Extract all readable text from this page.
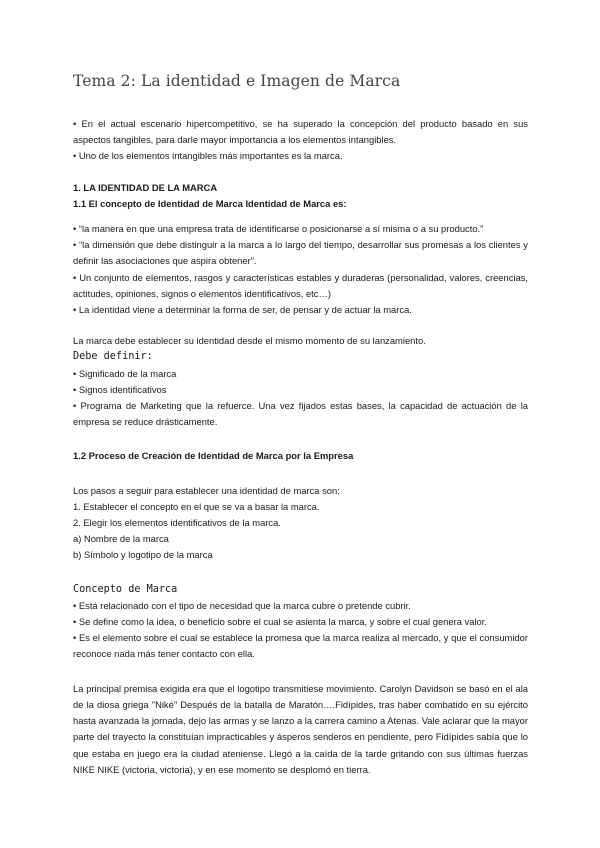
Tema 2: La identidad e Imagen de Marca

• En el actual escenario hipercompetitivo, se ha superado la concepción del producto basado en sus aspectos tangibles, para darle mayor importancia a los elementos intangibles.

• Uno de los elementos intangibles más importantes es la marca.

1. LA IDENTIDAD DE LA MARCA

1.1 El concepto de Identidad de Marca Identidad de Marca es:

• “la manera en que una empresa trata de identificarse o posicionarse a sí misma o a su producto.”

• “la dimensión que debe distinguir a la marca a lo largo del tiempo, desarrollar sus promesas a los clientes y definir las asociaciones que aspira obtener”.

• Un conjunto de elementos, rasgos y características estables y duraderas (personalidad, valores, creencias, actitudes, opiniones, signos o elementos identificativos, etc…)

• La identidad viene a determinar la forma de ser, de pensar y de actuar la marca.

La marca debe establecer su identidad desde el mismo momento de su lanzamiento.

Debe definir:

• Significado de la marca

• Signos identificativos

• Programa de Marketing que la refuerce. Una vez fijados estas bases, la capacidad de actuación de la empresa se reduce drásticamente.

1.2 Proceso de Creación de Identidad de Marca por la Empresa

Los pasos a seguir para establecer una identidad de marca son:

1. Establecer el concepto en el que se va a basar la marca.

2. Elegir los elementos identificativos de la marca.

a) Nombre de la marca

b) Símbolo y logotipo de la marca

Concepto de Marca

• Está relacionado con el tipo de necesidad que la marca cubre o pretende cubrir.

• Se define como la idea, o beneficio sobre el cual se asienta la marca, y sobre el cual genera valor.

• Es el elemento sobre el cual se establece la promesa que la marca realiza al mercado, y que el consumidor reconoce nada más tener contacto con ella.

La principal premisa exigida era que el logotipo transmitiese movimiento. Carolyn Davidson se basó en el ala de la diosa griega "Niké" Después de la batalla de Maratón….Fidípides, tras haber combatido en su ejército hasta avanzada la jornada, dejo las armas y se lanzo a la carrera camino a Atenas. Vale aclarar que la mayor parte del trayecto la constituían impracticables y ásperos senderos en pendiente, pero Fidípides sabía que lo que estaba en juego era la ciudad ateniense. Llegó a la caída de la tarde gritando con sus últimas fuerzas NIKE NIKE (victoria, victoria), y en ese momento se desplomó en tierra.
